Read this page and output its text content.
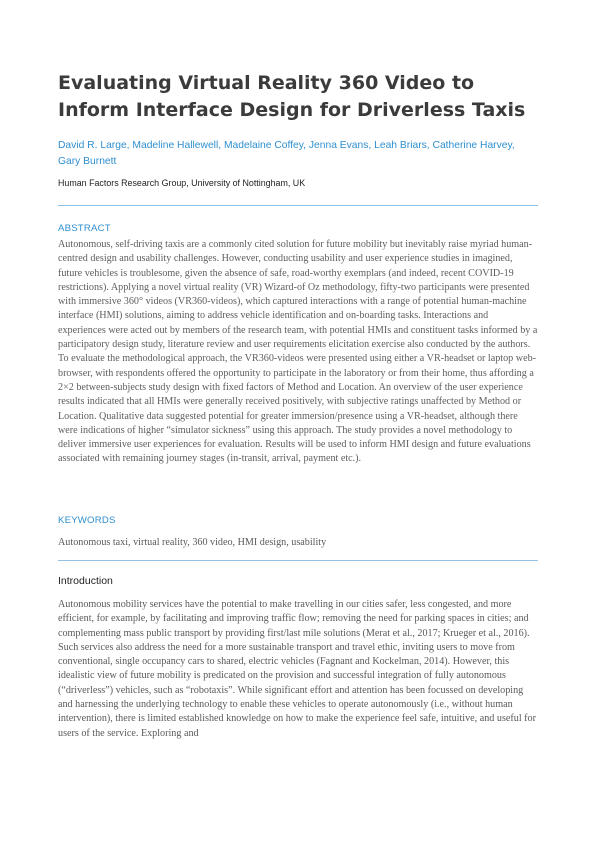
Evaluating Virtual Reality 360 Video to Inform Interface Design for Driverless Taxis

David R. Large, Madeline Hallewell, Madelaine Coffey, Jenna Evans, Leah Briars, Catherine Harvey, Gary Burnett

Human Factors Research Group, University of Nottingham, UK

ABSTRACT

Autonomous, self-driving taxis are a commonly cited solution for future mobility but inevitably raise myriad human-centred design and usability challenges. However, conducting usability and user experience studies in imagined, future vehicles is troublesome, given the absence of safe, road-worthy exemplars (and indeed, recent COVID-19 restrictions). Applying a novel virtual reality (VR) Wizard-of Oz methodology, fifty-two participants were presented with immersive 360° videos (VR360-videos), which captured interactions with a range of potential human-machine interface (HMI) solutions, aiming to address vehicle identification and on-boarding tasks. Interactions and experiences were acted out by members of the research team, with potential HMIs and constituent tasks informed by a participatory design study, literature review and user requirements elicitation exercise also conducted by the authors. To evaluate the methodological approach, the VR360-videos were presented using either a VR-headset or laptop web-browser, with respondents offered the opportunity to participate in the laboratory or from their home, thus affording a 2×2 between-subjects study design with fixed factors of Method and Location. An overview of the user experience results indicated that all HMIs were generally received positively, with subjective ratings unaffected by Method or Location. Qualitative data suggested potential for greater immersion/presence using a VR-headset, although there were indications of higher “simulator sickness” using this approach. The study provides a novel methodology to deliver immersive user experiences for evaluation. Results will be used to inform HMI design and future evaluations associated with remaining journey stages (in-transit, arrival, payment etc.).

KEYWORDS

Autonomous taxi, virtual reality, 360 video, HMI design, usability

Introduction

Autonomous mobility services have the potential to make travelling in our cities safer, less congested, and more efficient, for example, by facilitating and improving traffic flow; removing the need for parking spaces in cities; and complementing mass public transport by providing first/last mile solutions (Merat et al., 2017; Krueger et al., 2016). Such services also address the need for a more sustainable transport and travel ethic, inviting users to move from conventional, single occupancy cars to shared, electric vehicles (Fagnant and Kockelman, 2014). However, this idealistic view of future mobility is predicated on the provision and successful integration of fully autonomous (“driverless”) vehicles, such as “robotaxis”. While significant effort and attention has been focussed on developing and harnessing the underlying technology to enable these vehicles to operate autonomously (i.e., without human intervention), there is limited established knowledge on how to make the experience feel safe, intuitive, and useful for users of the service. Exploring and
